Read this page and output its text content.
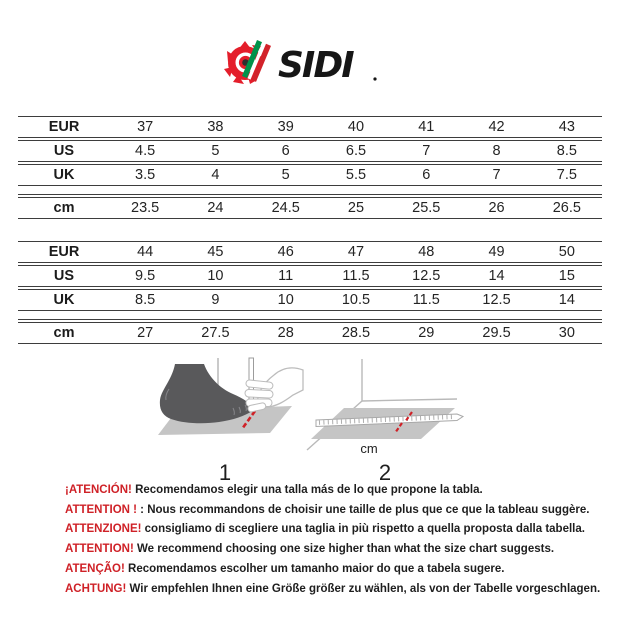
SIDI
EUR	37	38	39	40	41	42	43
US	4.5	5	6	6.5	7	8	8.5
UK	3.5	4	5	5.5	6	7	7.5
cm	23.5	24	24.5	25	25.5	26	26.5
EUR	44	45	46	47	48	49	50
US	9.5	10	11	11.5	12.5	14	15
UK	8.5	9	10	10.5	11.5	12.5	14
cm	27	27.5	28	28.5	29	29.5	30
cm
1	2
¡ATENCIÓN! Recomendamos elegir una talla más de lo que propone la tabla.
ATTENTION ! : Nous recommandons de choisir une taille de plus que ce que la tableau suggère.
ATTENZIONE! consigliamo di scegliere una taglia in più rispetto a quella proposta dalla tabella.
ATTENTION! We recommend choosing one size higher than what the size chart suggests.
ATENÇÃO! Recomendamos escolher um tamanho maior do que a tabela sugere.
ACHTUNG! Wir empfehlen Ihnen eine Größe größer zu wählen, als von der Tabelle vorgeschlagen.
